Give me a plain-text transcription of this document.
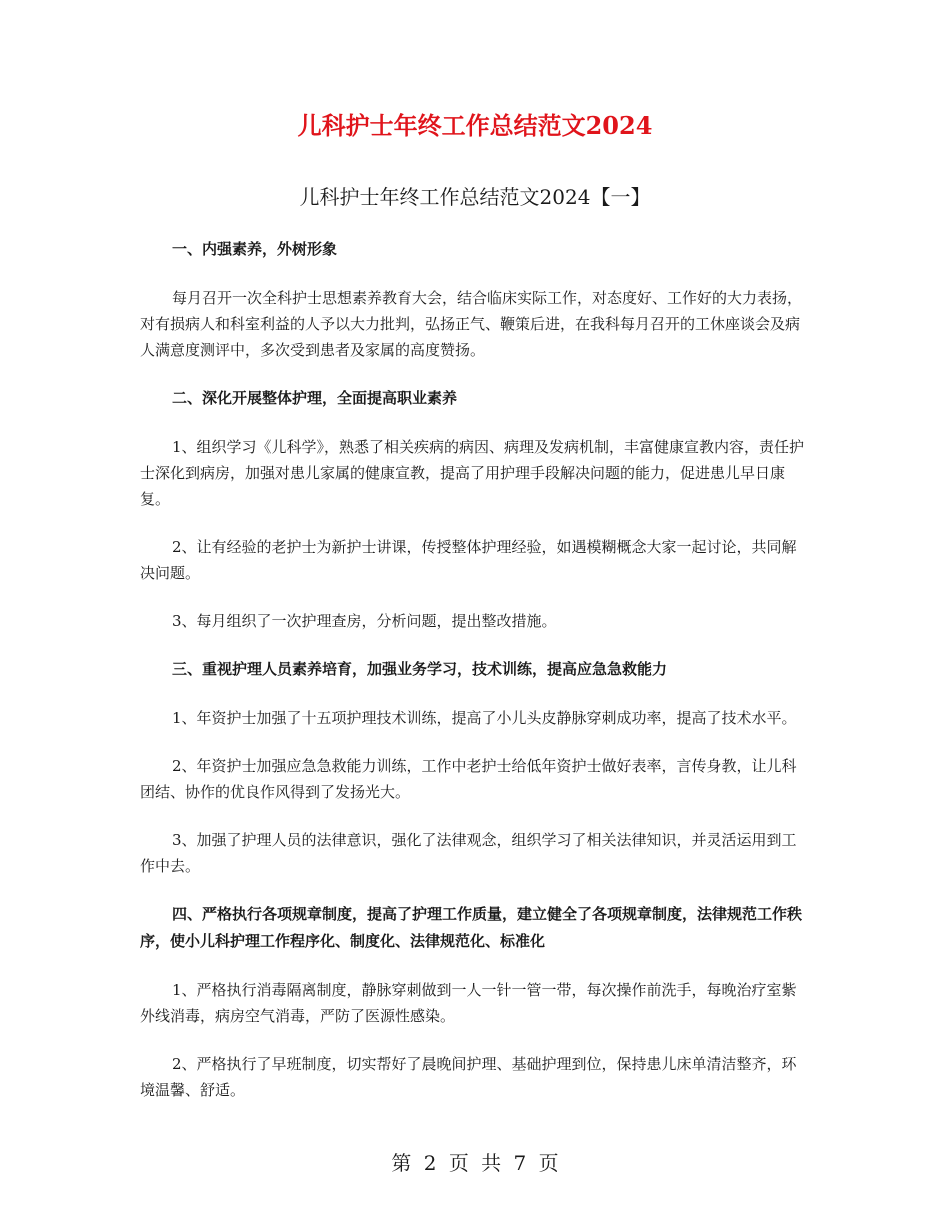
儿科护士年终工作总结范文2024
儿科护士年终工作总结范文2024【一】
一、内强素养，外树形象
每月召开一次全科护士思想素养教育大会，结合临床实际工作，对态度好、工作好的大力表扬，对有损病人和科室利益的人予以大力批判，弘扬正气、鞭策后进，在我科每月召开的工休座谈会及病人满意度测评中，多次受到患者及家属的高度赞扬。
二、深化开展整体护理，全面提高职业素养
1、组织学习《儿科学》，熟悉了相关疾病的病因、病理及发病机制，丰富健康宣教内容，责任护士深化到病房，加强对患儿家属的健康宣教，提高了用护理手段解决问题的能力，促进患儿早日康复。
2、让有经验的老护士为新护士讲课，传授整体护理经验，如遇模糊概念大家一起讨论，共同解决问题。
3、每月组织了一次护理查房，分析问题，提出整改措施。
三、重视护理人员素养培育，加强业务学习，技术训练，提高应急急救能力
1、年资护士加强了十五项护理技术训练，提高了小儿头皮静脉穿刺成功率，提高了技术水平。
2、年资护士加强应急急救能力训练，工作中老护士给低年资护士做好表率，言传身教，让儿科团结、协作的优良作风得到了发扬光大。
3、加强了护理人员的法律意识，强化了法律观念，组织学习了相关法律知识，并灵活运用到工作中去。
四、严格执行各项规章制度，提高了护理工作质量，建立健全了各项规章制度，法律规范工作秩序，使小儿科护理工作程序化、制度化、法律规范化、标准化
1、严格执行消毒隔离制度，静脉穿刺做到一人一针一管一带，每次操作前洗手，每晚治疗室紫外线消毒，病房空气消毒，严防了医源性感染。
2、严格执行了早班制度，切实帮好了晨晚间护理、基础护理到位，保持患儿床单清洁整齐，环境温馨、舒适。
第 2 页 共 7 页
